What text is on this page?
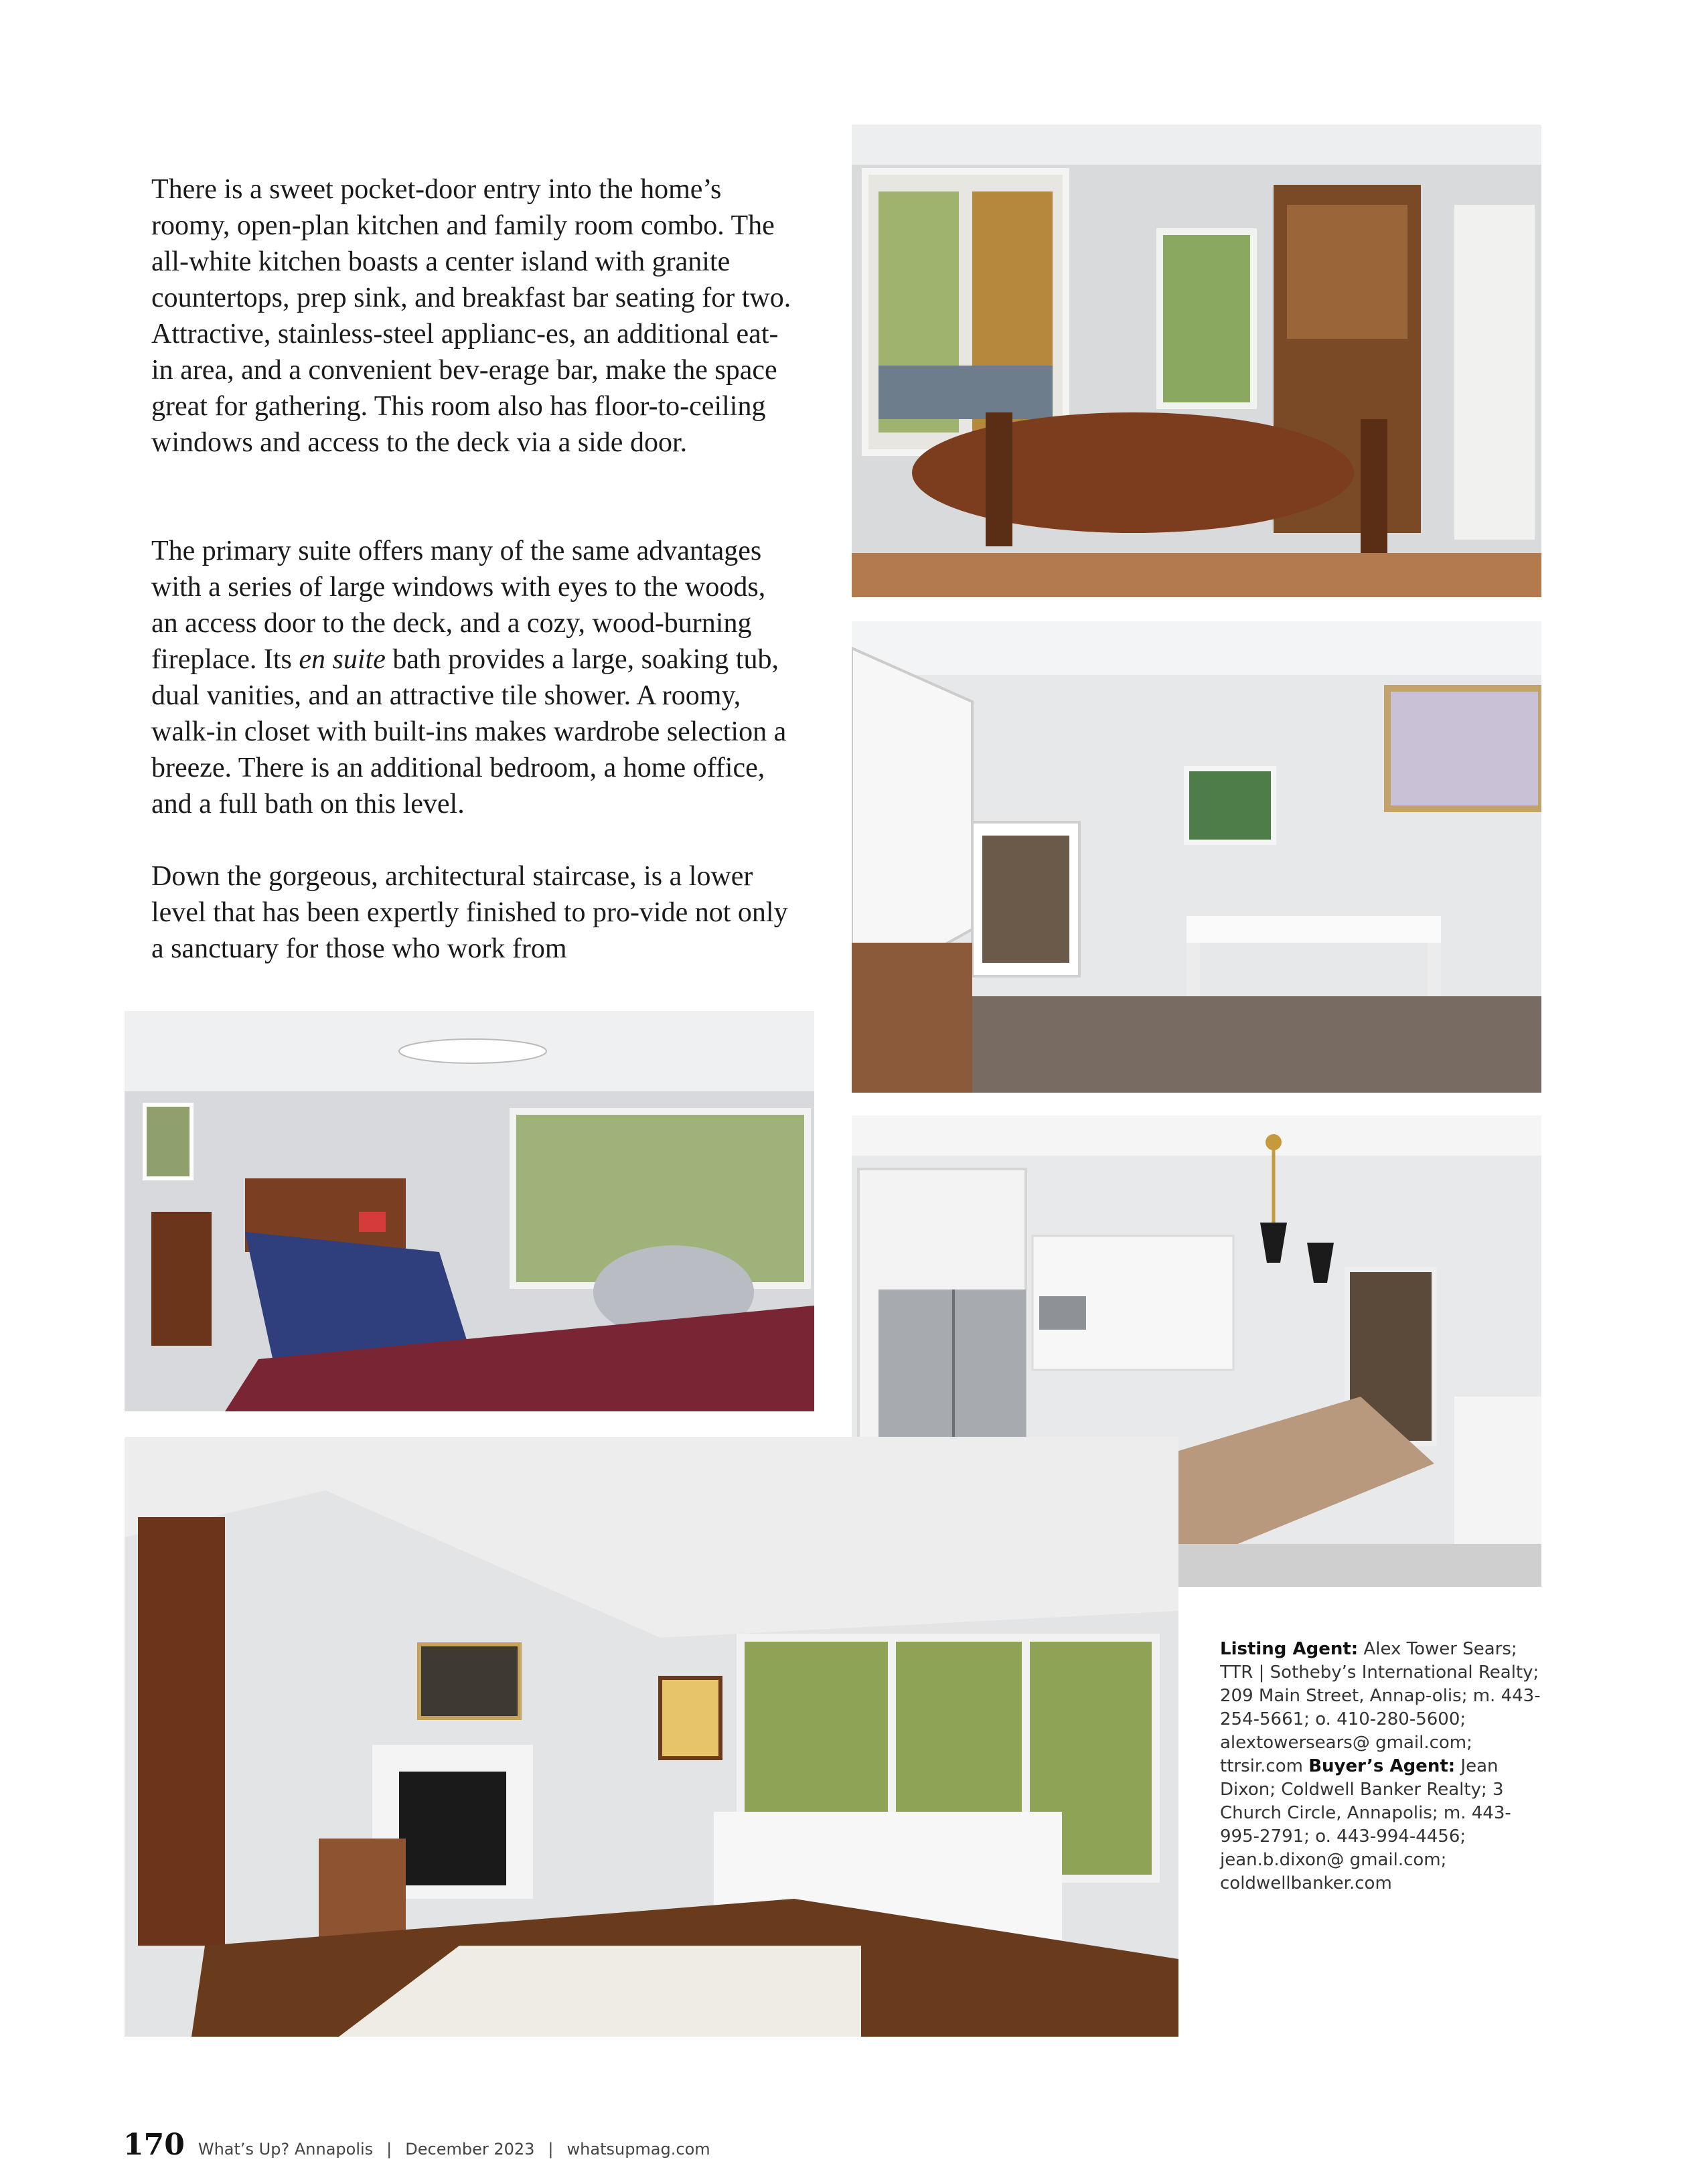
There is a sweet pocket-door entry into the home’s roomy, open-plan kitchen and family room combo. The all-white kitchen boasts a center island with granite countertops, prep sink, and breakfast bar seating for two. Attractive, stainless-steel applianc-es, an additional eat-in area, and a convenient bev-erage bar, make the space great for gathering. This room also has floor-to-ceiling windows and access to the deck via a side door.

The primary suite offers many of the same advantages with a series of large windows with eyes to the woods, an access door to the deck, and a cozy, wood-burning fireplace. Its en suite bath provides a large, soaking tub, dual vanities, and an attractive tile shower. A roomy, walk-in closet with built-ins makes wardrobe selection a breeze. There is an additional bedroom, a home office, and a full bath on this level.

Down the gorgeous, architectural staircase, is a lower level that has been expertly finished to pro-vide not only a sanctuary for those who work from

Listing Agent: Alex Tower Sears; TTR | Sotheby’s International Realty; 209 Main Street, Annap-olis; m. 443-254-5661; o. 410-280-5600; alextowersears@ gmail.com; ttrsir.com Buyer’s Agent: Jean Dixon; Coldwell Banker Realty; 3 Church Circle, Annapolis; m. 443-995-2791; o. 443-994-4456; jean.b.dixon@ gmail.com; coldwellbanker.com
170 What’s Up? Annapolis | December 2023 | whatsupmag.com
